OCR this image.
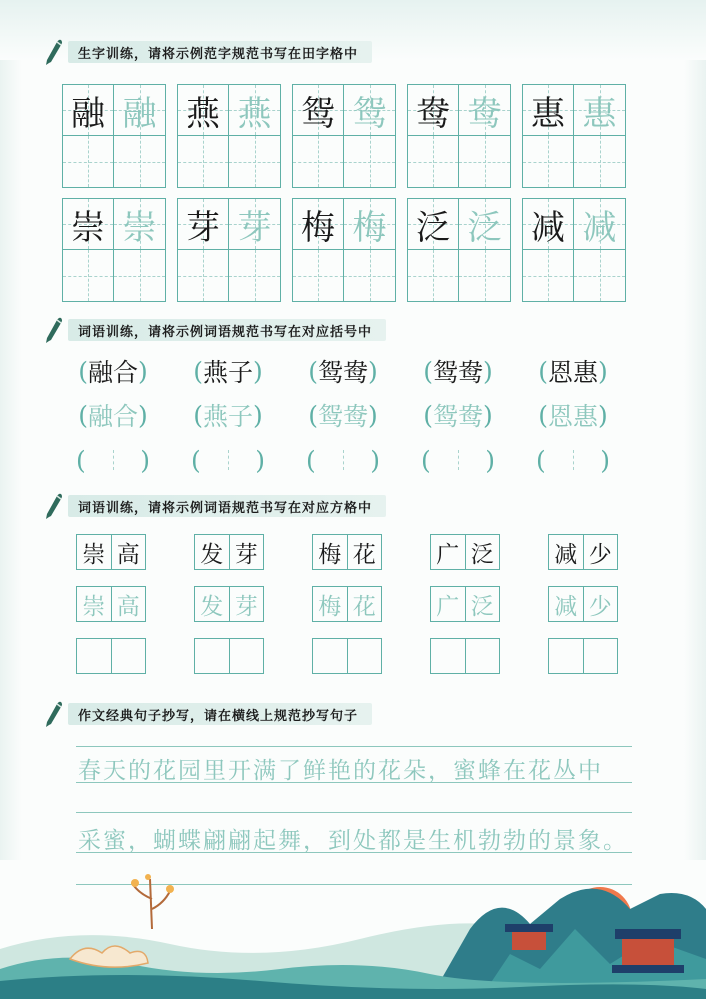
生字训练，请将示例范字规范书写在田字格中
融 融 燕 燕 鸳 鸳 鸯 鸯 惠 惠
崇 崇 芽 芽 梅 梅 泛 泛 减 减
词语训练，请将示例词语规范书写在对应括号中
( 融合 ) ( 燕子 ) ( 鸳鸯 ) ( 鸳鸯 ) ( 恩惠 )
( 融合 ) ( 燕子 ) ( 鸳鸯 ) ( 鸳鸯 ) ( 恩惠 )
( ) ( ) ( ) ( ) ( )
词语训练，请将示例词语规范书写在对应方格中
崇 高	发 芽	梅 花	广 泛	减 少
崇 高	发 芽	梅 花	广 泛	减 少
作文经典句子抄写，请在横线上规范抄写句子
春天的花园里开满了鲜艳的花朵，蜜蜂在花丛中
采蜜，蝴蝶翩翩起舞，到处都是生机勃勃的景象。
